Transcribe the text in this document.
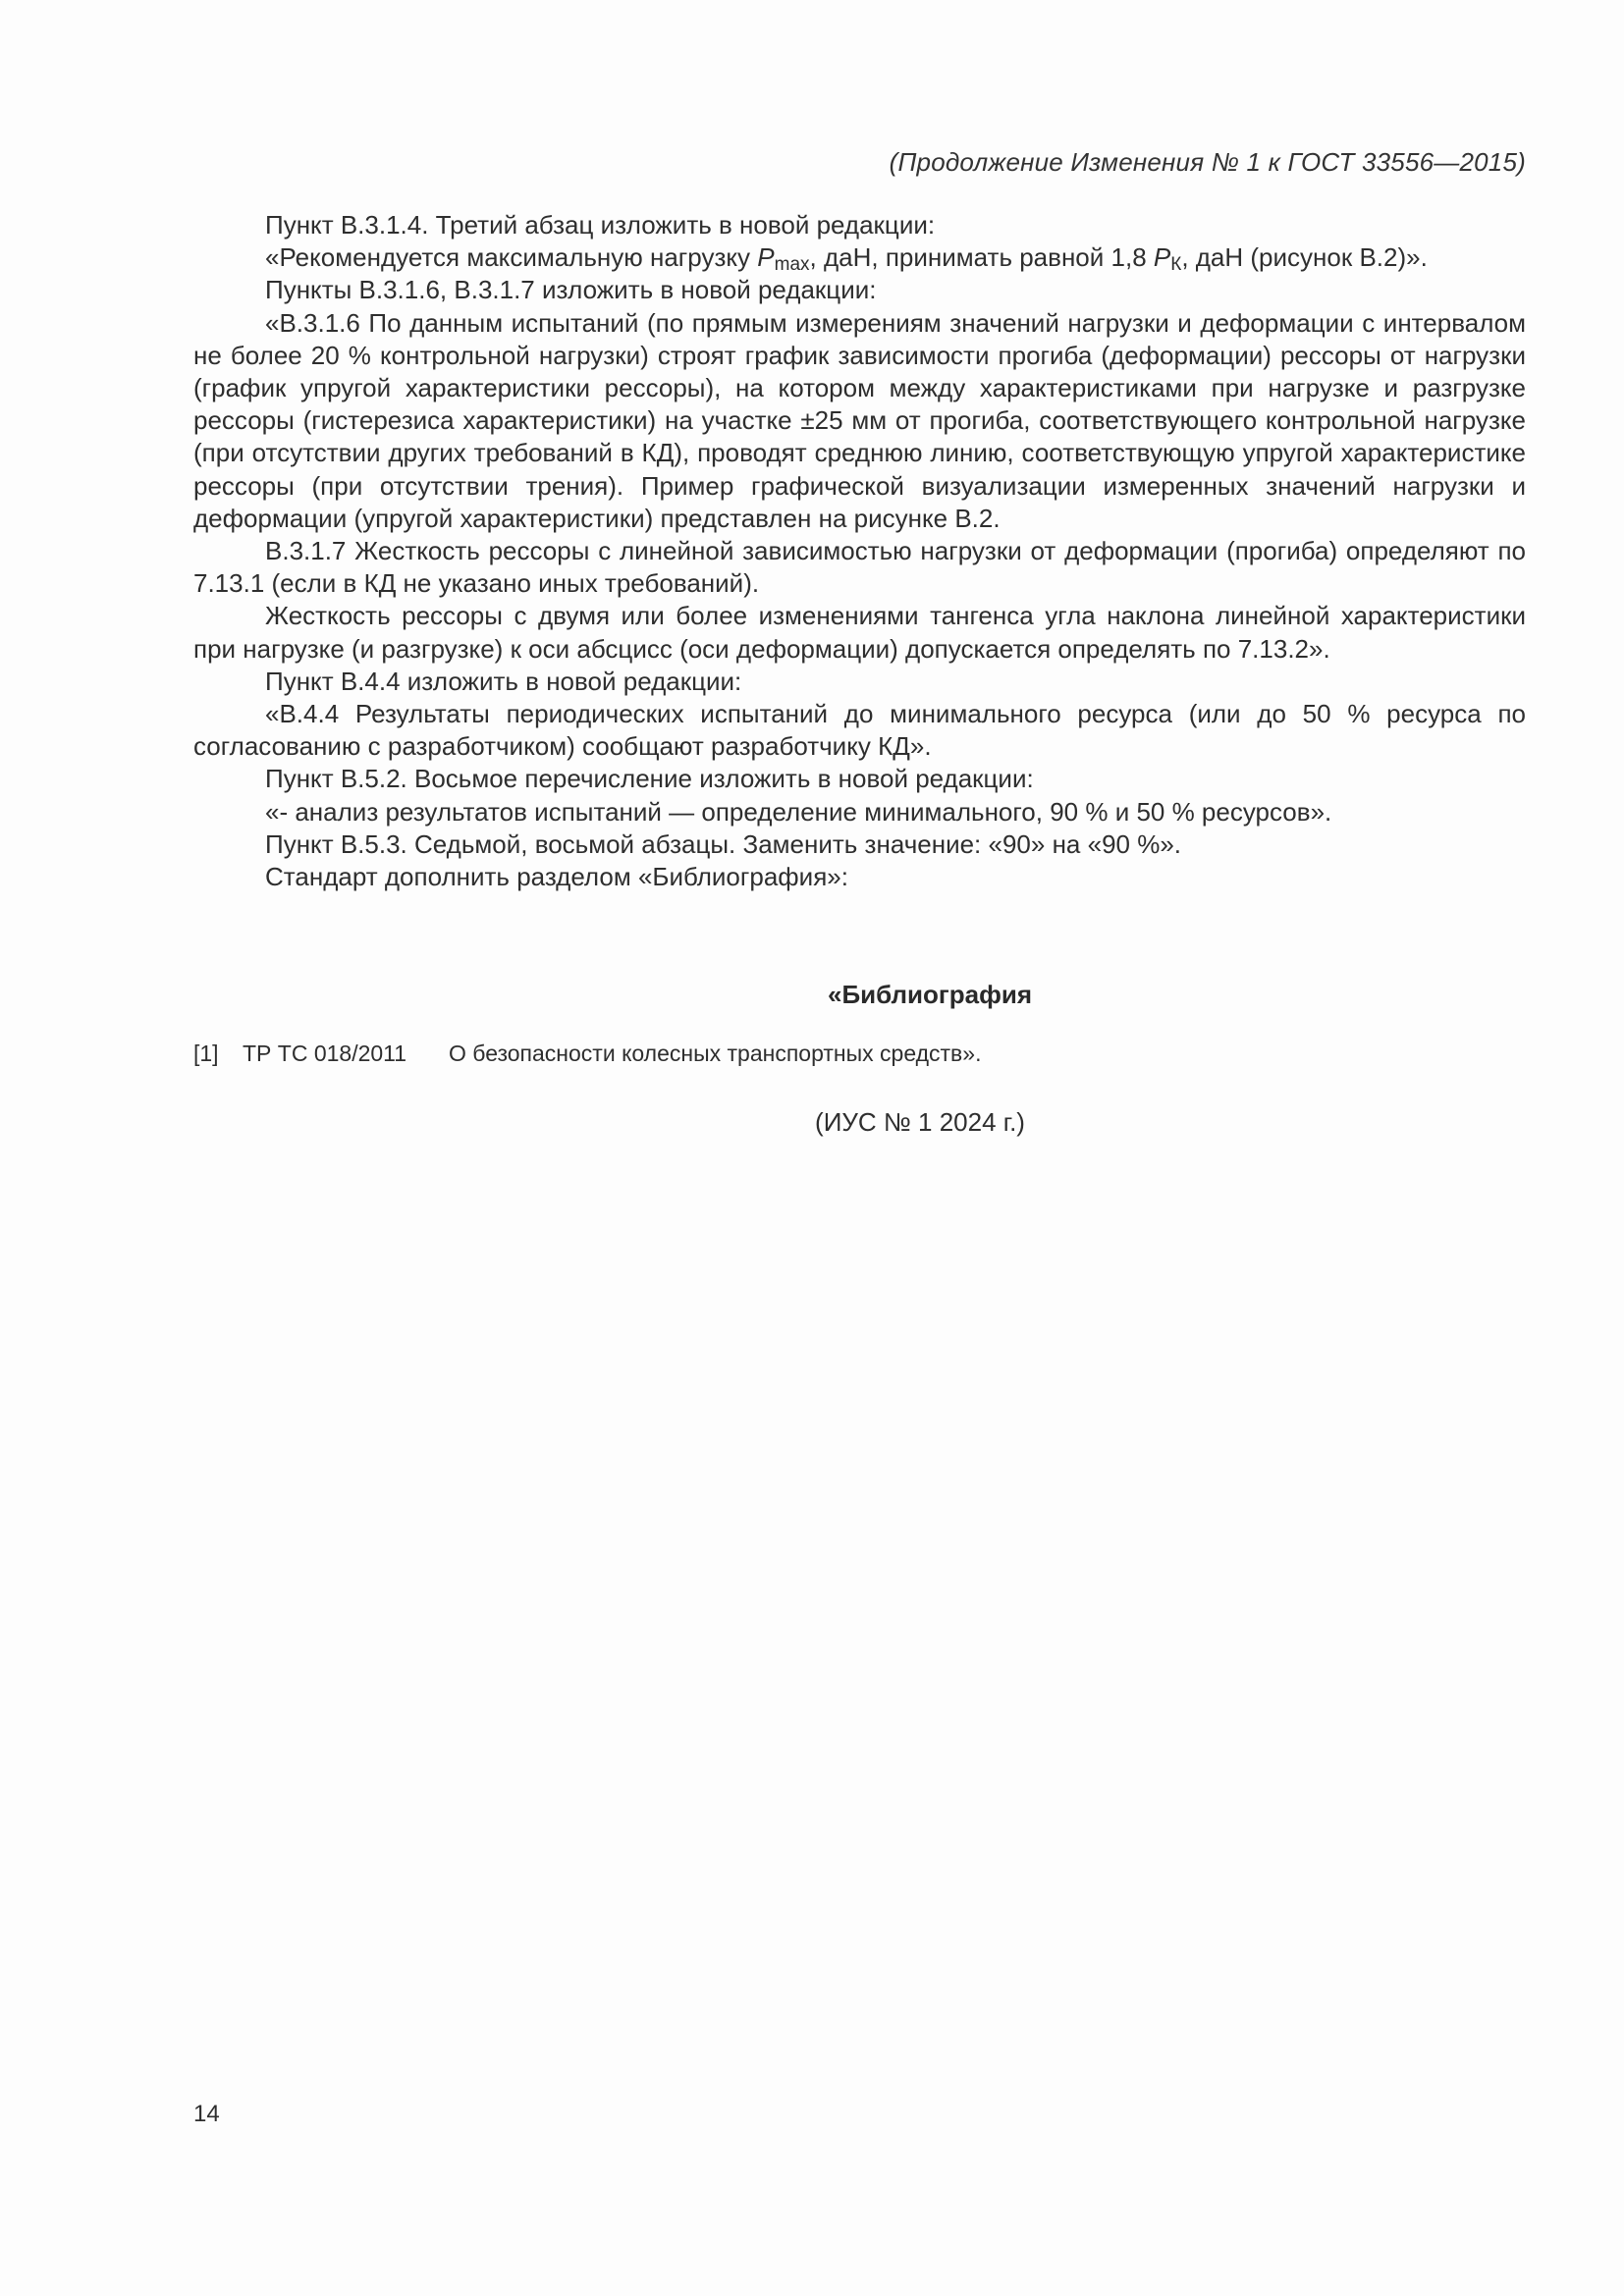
(Продолжение Изменения № 1 к ГОСТ 33556—2015)

Пункт В.3.1.4. Третий абзац изложить в новой редакции:

«Рекомендуется максимальную нагрузку $P_{max}$, даН, принимать равной 1,8 $P_К$, даН (рисунок В.2)».

Пункты В.3.1.6, В.3.1.7 изложить в новой редакции:

«В.3.1.6 По данным испытаний (по прямым измерениям значений нагрузки и деформации с интервалом не более 20 % контрольной нагрузки) строят график зависимости прогиба (деформации) рессоры от нагрузки (график упругой характеристики рессоры), на котором между характеристиками при нагрузке и разгрузке рессоры (гистерезиса характеристики) на участке ±25 мм от прогиба, соответствующего контрольной нагрузке (при отсутствии других требований в КД), проводят среднюю линию, соответствующую упругой характеристике рессоры (при отсутствии трения). Пример графической визуализации измеренных значений нагрузки и деформации (упругой характеристики) представлен на рисунке В.2.

В.3.1.7 Жесткость рессоры с линейной зависимостью нагрузки от деформации (прогиба) определяют по 7.13.1 (если в КД не указано иных требований).

Жесткость рессоры с двумя или более изменениями тангенса угла наклона линейной характеристики при нагрузке (и разгрузке) к оси абсцисс (оси деформации) допускается определять по 7.13.2».

Пункт В.4.4 изложить в новой редакции:

«В.4.4 Результаты периодических испытаний до минимального ресурса (или до 50 % ресурса по согласованию с разработчиком) сообщают разработчику КД».

Пункт В.5.2. Восьмое перечисление изложить в новой редакции:

«- анализ результатов испытаний — определение минимального, 90 % и 50 % ресурсов».

Пункт В.5.3. Седьмой, восьмой абзацы. Заменить значение: «90» на «90 %».

Стандарт дополнить разделом «Библиография»:

«Библиография
[1]	ТР ТС 018/2011	О безопасности колесных транспортных средств».
(ИУС № 1 2024 г.)
14
